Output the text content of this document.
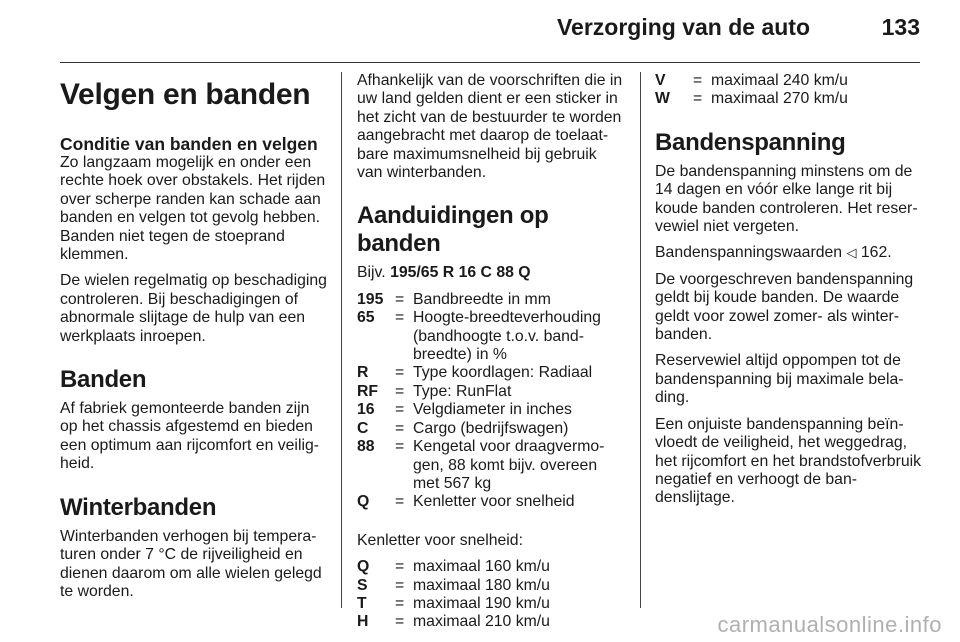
Verzorging van de auto	133
Velgen en banden
Conditie van banden en velgen

Zo langzaam mogelijk en onder een rechte hoek over obstakels. Het rijden over scherpe randen kan schade aan banden en velgen tot gevolg hebben. Banden niet tegen de stoeprand klemmen.

De wielen regelmatig op beschadiging controleren. Bij beschadigingen of abnormale slijtage de hulp van een werkplaats inroepen.

Banden

Af fabriek gemonteerde banden zijn op het chassis afgestemd en bieden een optimum aan rijcomfort en veiligheid.

Winterbanden

Winterbanden verhogen bij temperaturen onder 7 °C de rijveiligheid en dienen daarom om alle wielen gelegd te worden.

Afhankelijk van de voorschriften die in uw land gelden dient er een sticker in het zicht van de bestuurder te worden aangebracht met daarop de toelaatbare maximumsnelheid bij gebruik van winterbanden.

Aanduidingen op banden

Bijv. 195/65 R 16 C 88 Q

195 = Bandbreedte in mm
65	= Hoogte-breedteverhouding (bandhoogte t.o.v. bandbreedte) in %
R	= Type koordlagen: Radiaal
RF	= Type: RunFlat
16	= Velgdiameter in inches
C	= Cargo (bedrijfswagen)
88	= Kengetal voor draagvermogen, 88 komt bijv. overeen met 567 kg
Q	= Kenletter voor snelheid

Kenletter voor snelheid:

Q	= maximaal 160 km/u
S	= maximaal 180 km/u
T	= maximaal 190 km/u
H	= maximaal 210 km/u
V	= maximaal 240 km/u
W	= maximaal 270 km/u
Bandenspanning

De bandenspanning minstens om de 14 dagen en vóór elke lange rit bij koude banden controleren. Het reservewiel niet vergeten.

Bandenspanningswaarden ◁ 162.

De voorgeschreven bandenspanning geldt bij koude banden. De waarde geldt voor zowel zomer- als winterbanden.

Reservewiel altijd oppompen tot de bandenspanning bij maximale belading.

Een onjuiste bandenspanning beïnvloedt de veiligheid, het weggedrag, het rijcomfort en het brandstofverbruik negatief en verhoogt de bandenslijtage.

carmanualsonline.info
